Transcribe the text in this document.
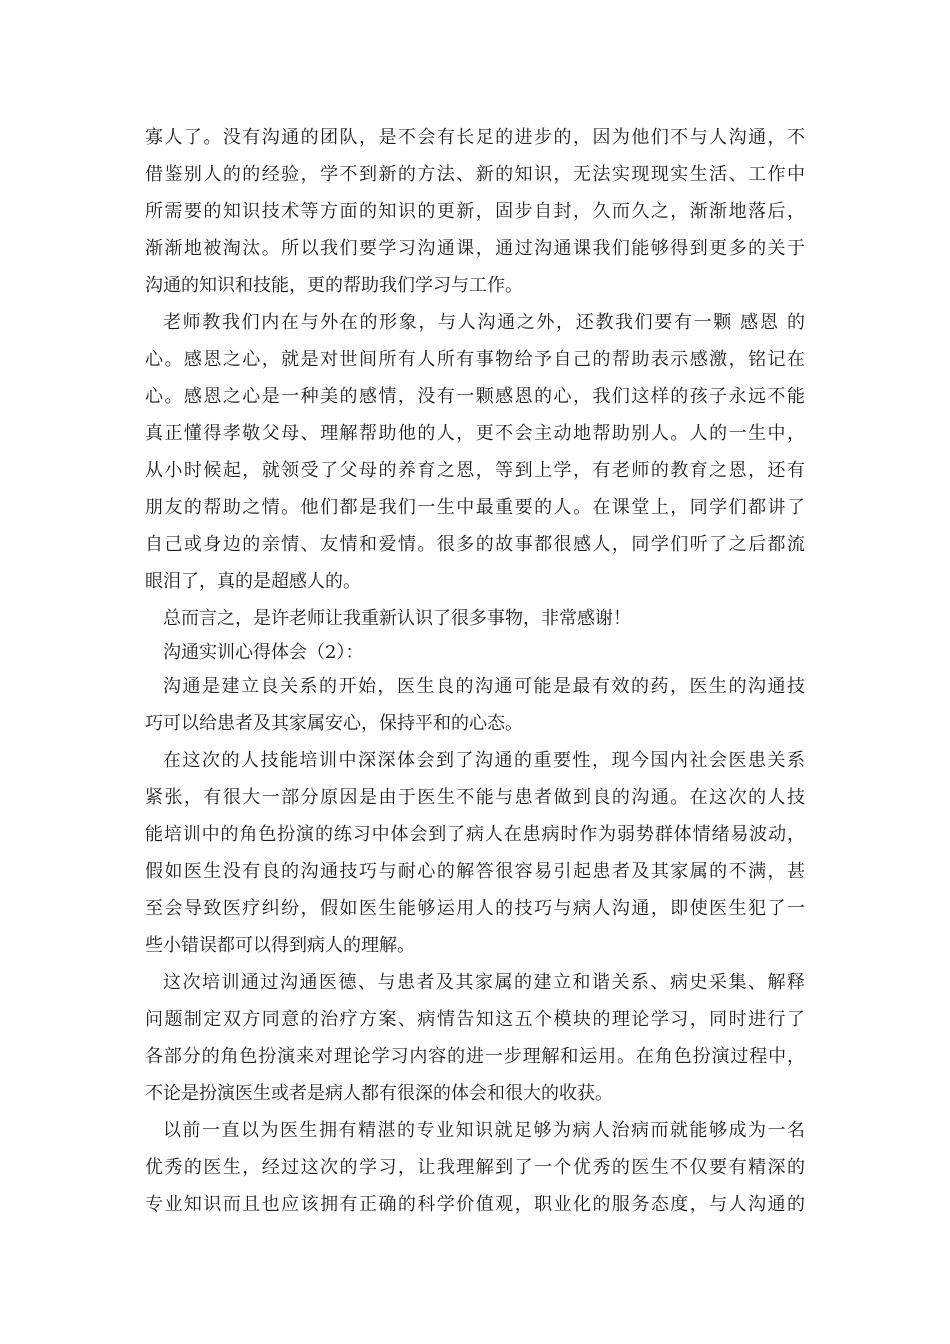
寡人了。没有沟通的团队，是不会有长足的进步的，因为他们不与人沟通，不
借鉴别人的的经验，学不到新的方法、新的知识，无法实现现实生活、工作中
所需要的知识技术等方面的知识的更新，固步自封，久而久之，渐渐地落后，
渐渐地被淘汰。所以我们要学习沟通课，通过沟通课我们能够得到更多的关于
沟通的知识和技能，更的帮助我们学习与工作。
老师教我们内在与外在的形象，与人沟通之外，还教我们要有一颗 感恩 的
心。感恩之心，就是对世间所有人所有事物给予自己的帮助表示感激，铭记在
心。感恩之心是一种美的感情，没有一颗感恩的心，我们这样的孩子永远不能
真正懂得孝敬父母、理解帮助他的人，更不会主动地帮助别人。人的一生中，
从小时候起，就领受了父母的养育之恩，等到上学，有老师的教育之恩，还有
朋友的帮助之情。他们都是我们一生中最重要的人。在课堂上，同学们都讲了
自己或身边的亲情、友情和爱情。很多的故事都很感人，同学们听了之后都流
眼泪了，真的是超感人的。
总而言之，是许老师让我重新认识了很多事物，非常感谢！
沟通实训心得体会（2）：
沟通是建立良关系的开始，医生良的沟通可能是最有效的药，医生的沟通技
巧可以给患者及其家属安心，保持平和的心态。
在这次的人技能培训中深深体会到了沟通的重要性，现今国内社会医患关系
紧张，有很大一部分原因是由于医生不能与患者做到良的沟通。在这次的人技
能培训中的角色扮演的练习中体会到了病人在患病时作为弱势群体情绪易波动，
假如医生没有良的沟通技巧与耐心的解答很容易引起患者及其家属的不满，甚
至会导致医疗纠纷，假如医生能够运用人的技巧与病人沟通，即使医生犯了一
些小错误都可以得到病人的理解。
这次培训通过沟通医德、与患者及其家属的建立和谐关系、病史采集、解释
问题制定双方同意的治疗方案、病情告知这五个模块的理论学习，同时进行了
各部分的角色扮演来对理论学习内容的进一步理解和运用。在角色扮演过程中，
不论是扮演医生或者是病人都有很深的体会和很大的收获。
以前一直以为医生拥有精湛的专业知识就足够为病人治病而就能够成为一名
优秀的医生，经过这次的学习，让我理解到了一个优秀的医生不仅要有精深的
专业知识而且也应该拥有正确的科学价值观，职业化的服务态度，与人沟通的
